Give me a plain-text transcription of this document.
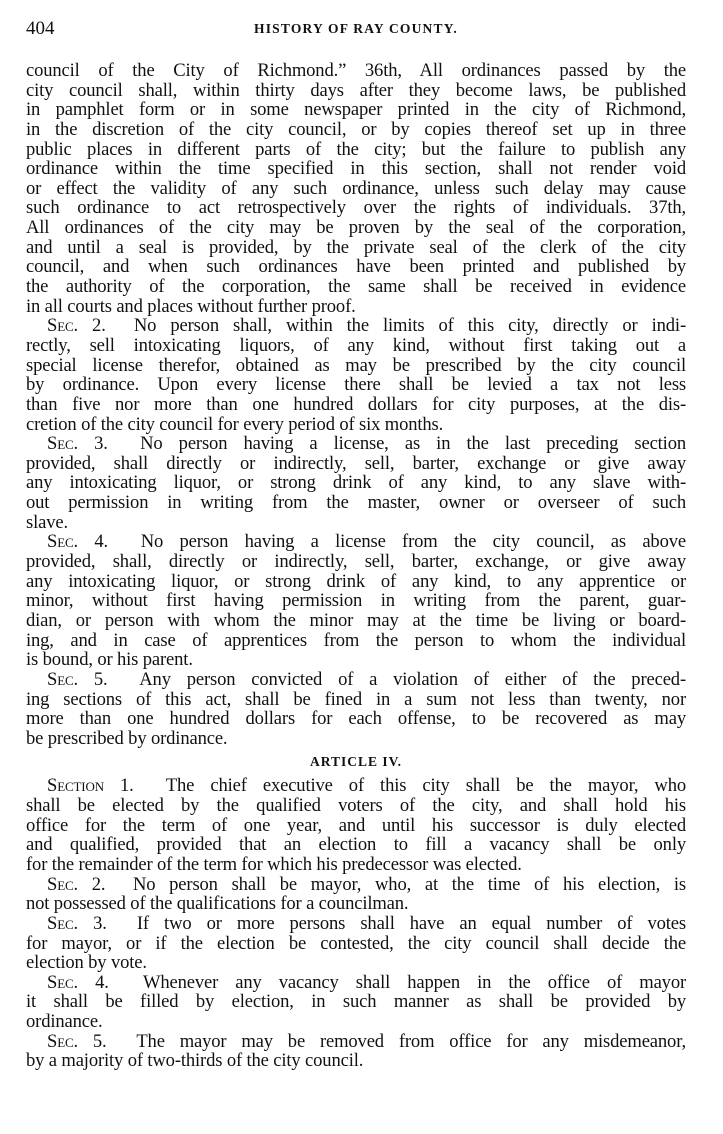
404	HISTORY OF RAY COUNTY.
council of the City of Richmond.” 36th, All ordinances passed by the
city council shall, within thirty days after they become laws, be published
in pamphlet form or in some newspaper printed in the city of Richmond,
in the discretion of the city council, or by copies thereof set up in three
public places in different parts of the city; but the failure to publish any
ordinance within the time specified in this section, shall not render void
or effect the validity of any such ordinance, unless such delay may cause
such ordinance to act retrospectively over the rights of individuals. 37th,
All ordinances of the city may be proven by the seal of the corporation,
and until a seal is provided, by the private seal of the clerk of the city
council, and when such ordinances have been printed and published by
the authority of the corporation, the same shall be received in evidence
in all courts and places without further proof.
Sec. 2. No person shall, within the limits of this city, directly or indi-
rectly, sell intoxicating liquors, of any kind, without first taking out a
special license therefor, obtained as may be prescribed by the city council
by ordinance. Upon every license there shall be levied a tax not less
than five nor more than one hundred dollars for city purposes, at the dis-
cretion of the city council for every period of six months.
Sec. 3. No person having a license, as in the last preceding section
provided, shall directly or indirectly, sell, barter, exchange or give away
any intoxicating liquor, or strong drink of any kind, to any slave with-
out permission in writing from the master, owner or overseer of such
slave.
Sec. 4. No person having a license from the city council, as above
provided, shall, directly or indirectly, sell, barter, exchange, or give away
any intoxicating liquor, or strong drink of any kind, to any apprentice or
minor, without first having permission in writing from the parent, guar-
dian, or person with whom the minor may at the time be living or board-
ing, and in case of apprentices from the person to whom the individual
is bound, or his parent.
Sec. 5. Any person convicted of a violation of either of the preced-
ing sections of this act, shall be fined in a sum not less than twenty, nor
more than one hundred dollars for each offense, to be recovered as may
be prescribed by ordinance.
ARTICLE IV.
Section 1. The chief executive of this city shall be the mayor, who
shall be elected by the qualified voters of the city, and shall hold his
office for the term of one year, and until his successor is duly elected
and qualified, provided that an election to fill a vacancy shall be only
for the remainder of the term for which his predecessor was elected.
Sec. 2. No person shall be mayor, who, at the time of his election, is
not possessed of the qualifications for a councilman.
Sec. 3. If two or more persons shall have an equal number of votes
for mayor, or if the election be contested, the city council shall decide the
election by vote.
Sec. 4. Whenever any vacancy shall happen in the office of mayor
it shall be filled by election, in such manner as shall be provided by
ordinance.
Sec. 5. The mayor may be removed from office for any misdemeanor,
by a majority of two-thirds of the city council.
